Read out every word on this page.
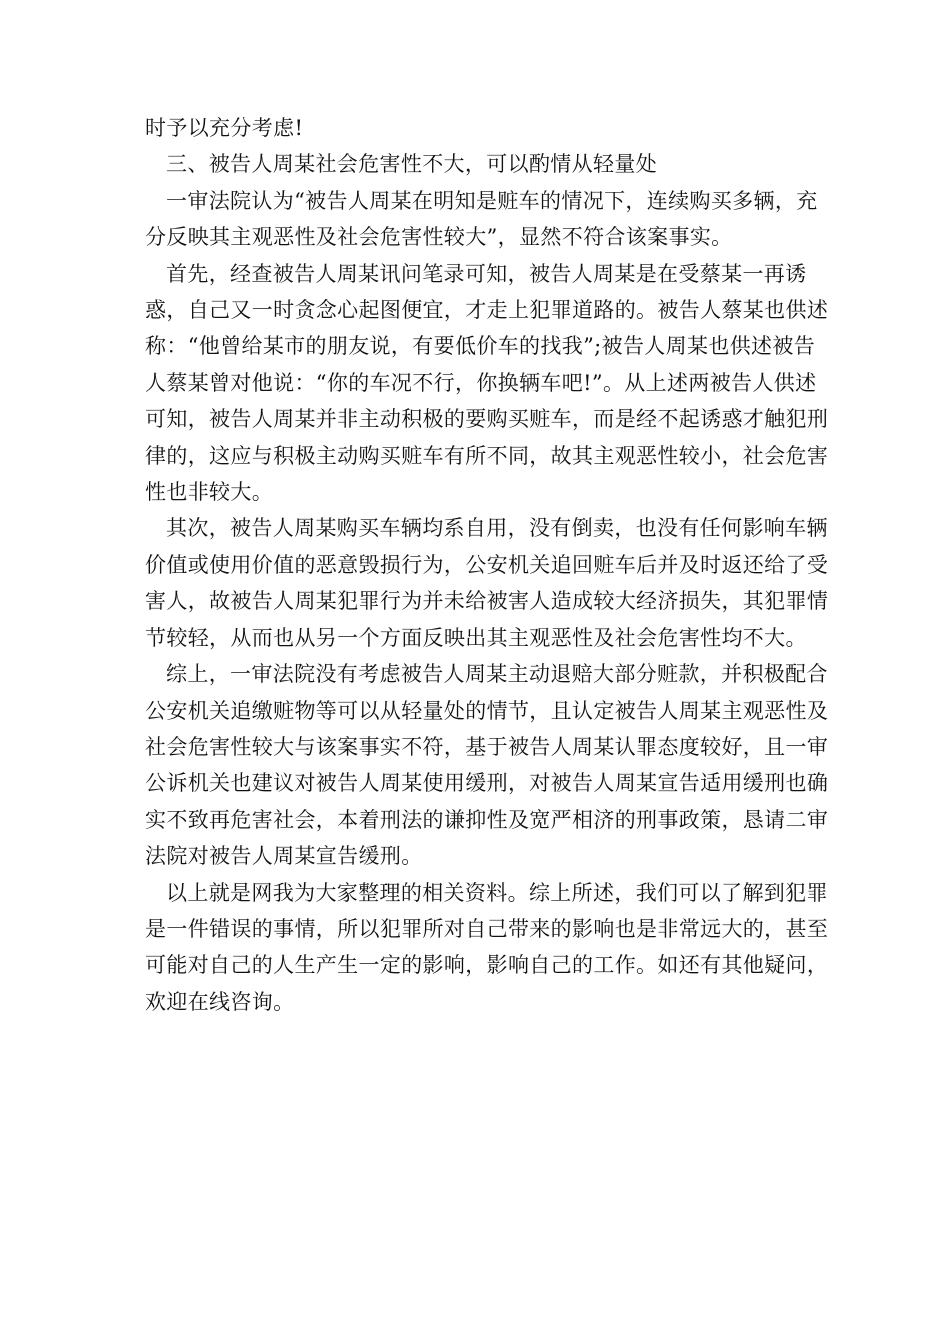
时予以充分考虑!

三、被告人周某社会危害性不大，可以酌情从轻量处

一审法院认为“被告人周某在明知是赃车的情况下，连续购买多辆，充分反映其主观恶性及社会危害性较大”，显然不符合该案事实。

首先，经查被告人周某讯问笔录可知，被告人周某是在受蔡某一再诱惑，自己又一时贪念心起图便宜，才走上犯罪道路的。被告人蔡某也供述称：“他曾给某市的朋友说，有要低价车的找我”;被告人周某也供述被告人蔡某曾对他说：“你的车况不行，你换辆车吧!”。从上述两被告人供述可知，被告人周某并非主动积极的要购买赃车，而是经不起诱惑才触犯刑律的，这应与积极主动购买赃车有所不同，故其主观恶性较小，社会危害性也非较大。

其次，被告人周某购买车辆均系自用，没有倒卖，也没有任何影响车辆价值或使用价值的恶意毁损行为，公安机关追回赃车后并及时返还给了受害人，故被告人周某犯罪行为并未给被害人造成较大经济损失，其犯罪情节较轻，从而也从另一个方面反映出其主观恶性及社会危害性均不大。

综上，一审法院没有考虑被告人周某主动退赔大部分赃款，并积极配合公安机关追缴赃物等可以从轻量处的情节，且认定被告人周某主观恶性及社会危害性较大与该案事实不符，基于被告人周某认罪态度较好，且一审公诉机关也建议对被告人周某使用缓刑，对被告人周某宣告适用缓刑也确实不致再危害社会，本着刑法的谦抑性及宽严相济的刑事政策，恳请二审法院对被告人周某宣告缓刑。

以上就是网我为大家整理的相关资料。综上所述，我们可以了解到犯罪是一件错误的事情，所以犯罪所对自己带来的影响也是非常远大的，甚至可能对自己的人生产生一定的影响，影响自己的工作。如还有其他疑问，欢迎在线咨询。
